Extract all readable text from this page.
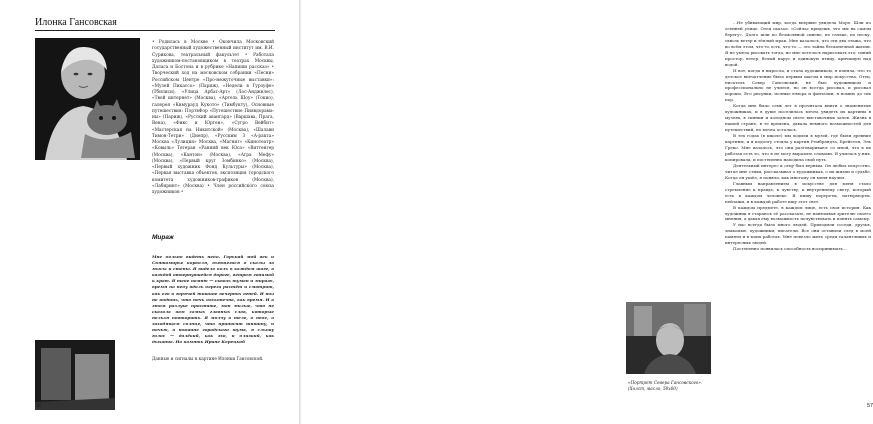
Илонка Гансовская
• Родилась в Москве • Окончила Московский государственный художественный институт им. В.И. Сурикова, театральный факультет • Работала художником-постановщиком в театрах Москвы, Даласа и Бостона и в рубрике «Напиши рассказ» • Творческий ход на московском собрании «Песни» Российском Центре «Про-межуточные выставки»: «Музей Пикассо» (Париж), «Недели в Гурзуфе» (Тбилиси), «Улица Арбат-Арт» (Лос-Анджелес), «Твой интернет» (Москва), «Артель Шоу» (Токио), галерея «Кимурауд Кукото» (Тимбукту), Основные путешествия: ПортвФор «Путешествие Пиявдорама-ны» (Париж), «Русский авангард» (Варшава, Прага, Вена), «Фикс и Юрген», «Сугро Вейбит» «Мастерская на Никитской» (Москва), «Шалави Тимон-Тетри» (Днепр), «Русским 3 «А-ракта» Москва «Лулиция» Москва, «Магнит» «Кинотеатр» «Ковыль» Тегеран «Ранний век Юса» «Виттенгер (Москва), «Кантон» (Москва), «Агра Мефу» (Москва), «Первый круг Зомбинко» (Москва), «Первый художник Фонд Культуры» (Москва), «Первая выставка объектов, экспозиция городского комитета художников-графиков (Москва), «Лабиринт» (Москва) • Член российского союза художников •
Мираж
Мне больно видеть небо. Горький мой век и Святомирье корабля, бьющегося о скалы за мысы и стены. Я видела боль в каждом шаге, в каждой отвернувшейся дороге, ветром гонимой к краю. Я тебе помню — сквозь туман и мираж, время по небу вдоль берега растёт и смотрит, как его в горячей тишине вечерних огней. И ты не видишь, что ночь бесконечна, как время. И в этом разлуке простите, мои милые, что не сказала вам самых главных слов, которые нельзя повторить. Я молчу о теле, о небе, о заходящем солнце, что приносит тишину, и ночью, в тишине городского шума, я слышу голос — далёкий, как эхо, и близкий, как дыхание. На память Ирине Керецкой
Данные и сигналы к картине Илонки Гансовской.
56

...Не убивающий мир, когда впервые увидела Море. Шли по осенней улице. Отец сказал: «Сейчас придешь, что мы на самом берегу». Долго шли по безмолвной синеве, по гальке, по песку, сквозь ветер и тёплый мрак. Мне казалось, что эти два этажа, что во всём этом, что-то есть, что-то — это тайна бесконечной жизни. Я не умела рисовать тогда, но мне хотелось нарисовать это: синий простор, ветер, белый парус и одинокую птицу, кричащую над водой.

И вот, когда я выросла, и стала художником, я поняла, что то детское впечатление было первым шагом в мир искусства. Отец, писатель Север Гансовский, не был художником и профессионально не учился, но он всегда рисовал, и рисовал хорошо. Его рисунки, полные юмора и фантазии, я помню до сих пор.

Когда мне было семь лет я прочитала книги о знаменитых художниках, и в душе поселилась мечта увидеть их картины в музеях, в сиянии и холодном свете выставочных залов. Жизнь в нашей стране, в те времена, давала немного возможностей для путешествий, но мечта осталась.

В тех годах (в школе) мы ходили в музей, где были древние картины, и я подолгу стояла у картин Рембрандта, Брейгеля, Эль Греко. Мне казалось, что они разговаривают со мной, что в их работах есть то, что я не могу выразить словами. Я училась у них, копировала, и постепенно находила свой путь.

Деятельный интерес к отцу был верным. Он любил искусство, читал мне стихи, рассказывал о художниках, о их жизни и судьбе. Когда он ушёл, я поняла, как многому он меня научил.

Главным направлением в искусстве для меня стало стремление к правде, к чувству, к внутреннему свету, который есть в каждом человеке. Я пишу портреты, натюрморты, пейзажи, и в каждой работе ищу этот свет.

В каждом предмете, в каждом лице, есть своя история. Как художник я стараюсь её рассказать, не навязывая зрителю своего мнения, а давая ему возможность почувствовать и понять самому.

У нас всегда было много людей. Приходили соседи, друзья, знакомые, художники, писатели. Все они оставили след в моей памяти и в моих работах. Мне повезло жить среди талантливых и интересных людей.

Постепенно появилась способность воспринимать...

«Портрет Севера Гансовского». (Холст, масло, 50х60)
57
